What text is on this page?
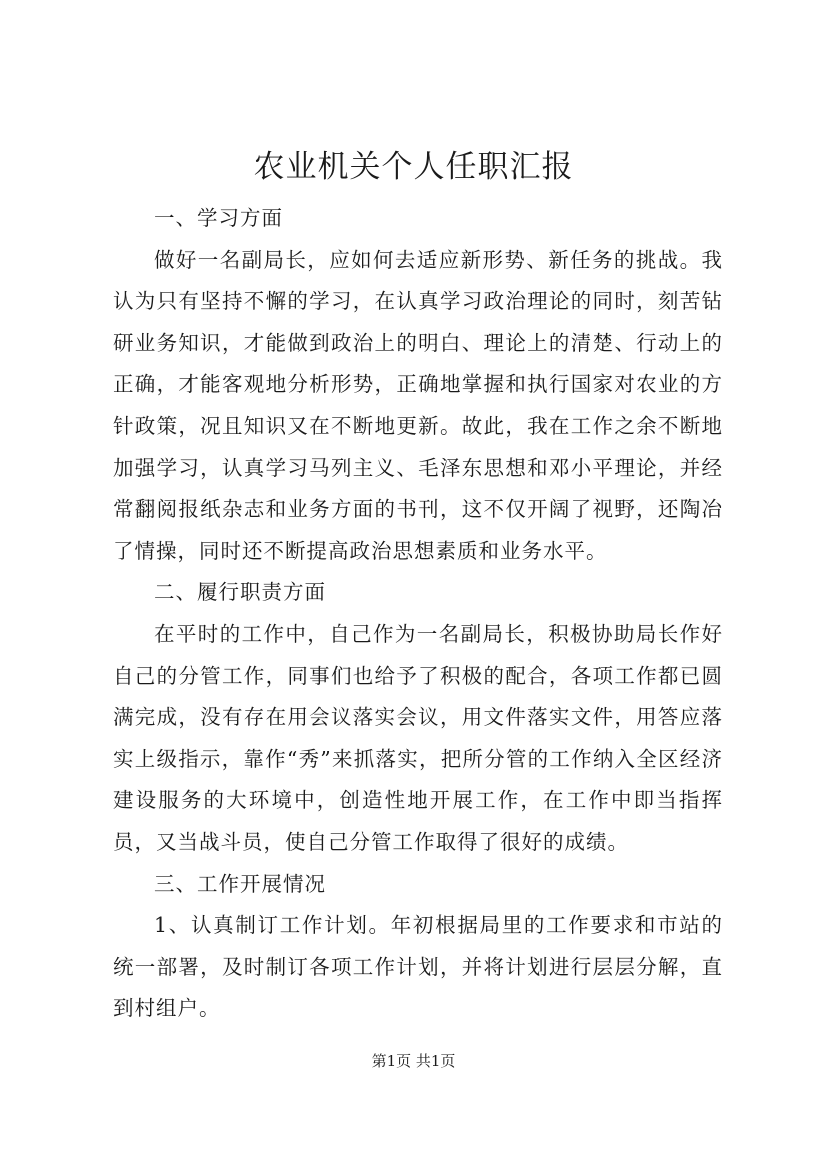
农业机关个人任职汇报

一、学习方面

做好一名副局长，应如何去适应新形势、新任务的挑战。我认为只有坚持不懈的学习，在认真学习政治理论的同时，刻苦钻研业务知识，才能做到政治上的明白、理论上的清楚、行动上的正确，才能客观地分析形势，正确地掌握和执行国家对农业的方针政策，况且知识又在不断地更新。故此，我在工作之余不断地加强学习，认真学习马列主义、毛泽东思想和邓小平理论，并经常翻阅报纸杂志和业务方面的书刊，这不仅开阔了视野，还陶冶了情操，同时还不断提高政治思想素质和业务水平。

二、履行职责方面

在平时的工作中，自己作为一名副局长，积极协助局长作好自己的分管工作，同事们也给予了积极的配合，各项工作都已圆满完成，没有存在用会议落实会议，用文件落实文件，用答应落实上级指示，靠作“秀”来抓落实，把所分管的工作纳入全区经济建设服务的大环境中，创造性地开展工作，在工作中即当指挥员，又当战斗员，使自己分管工作取得了很好的成绩。

三、工作开展情况

1、认真制订工作计划。年初根据局里的工作要求和市站的统一部署，及时制订各项工作计划，并将计划进行层层分解，直到村组户。

第1页 共1页
